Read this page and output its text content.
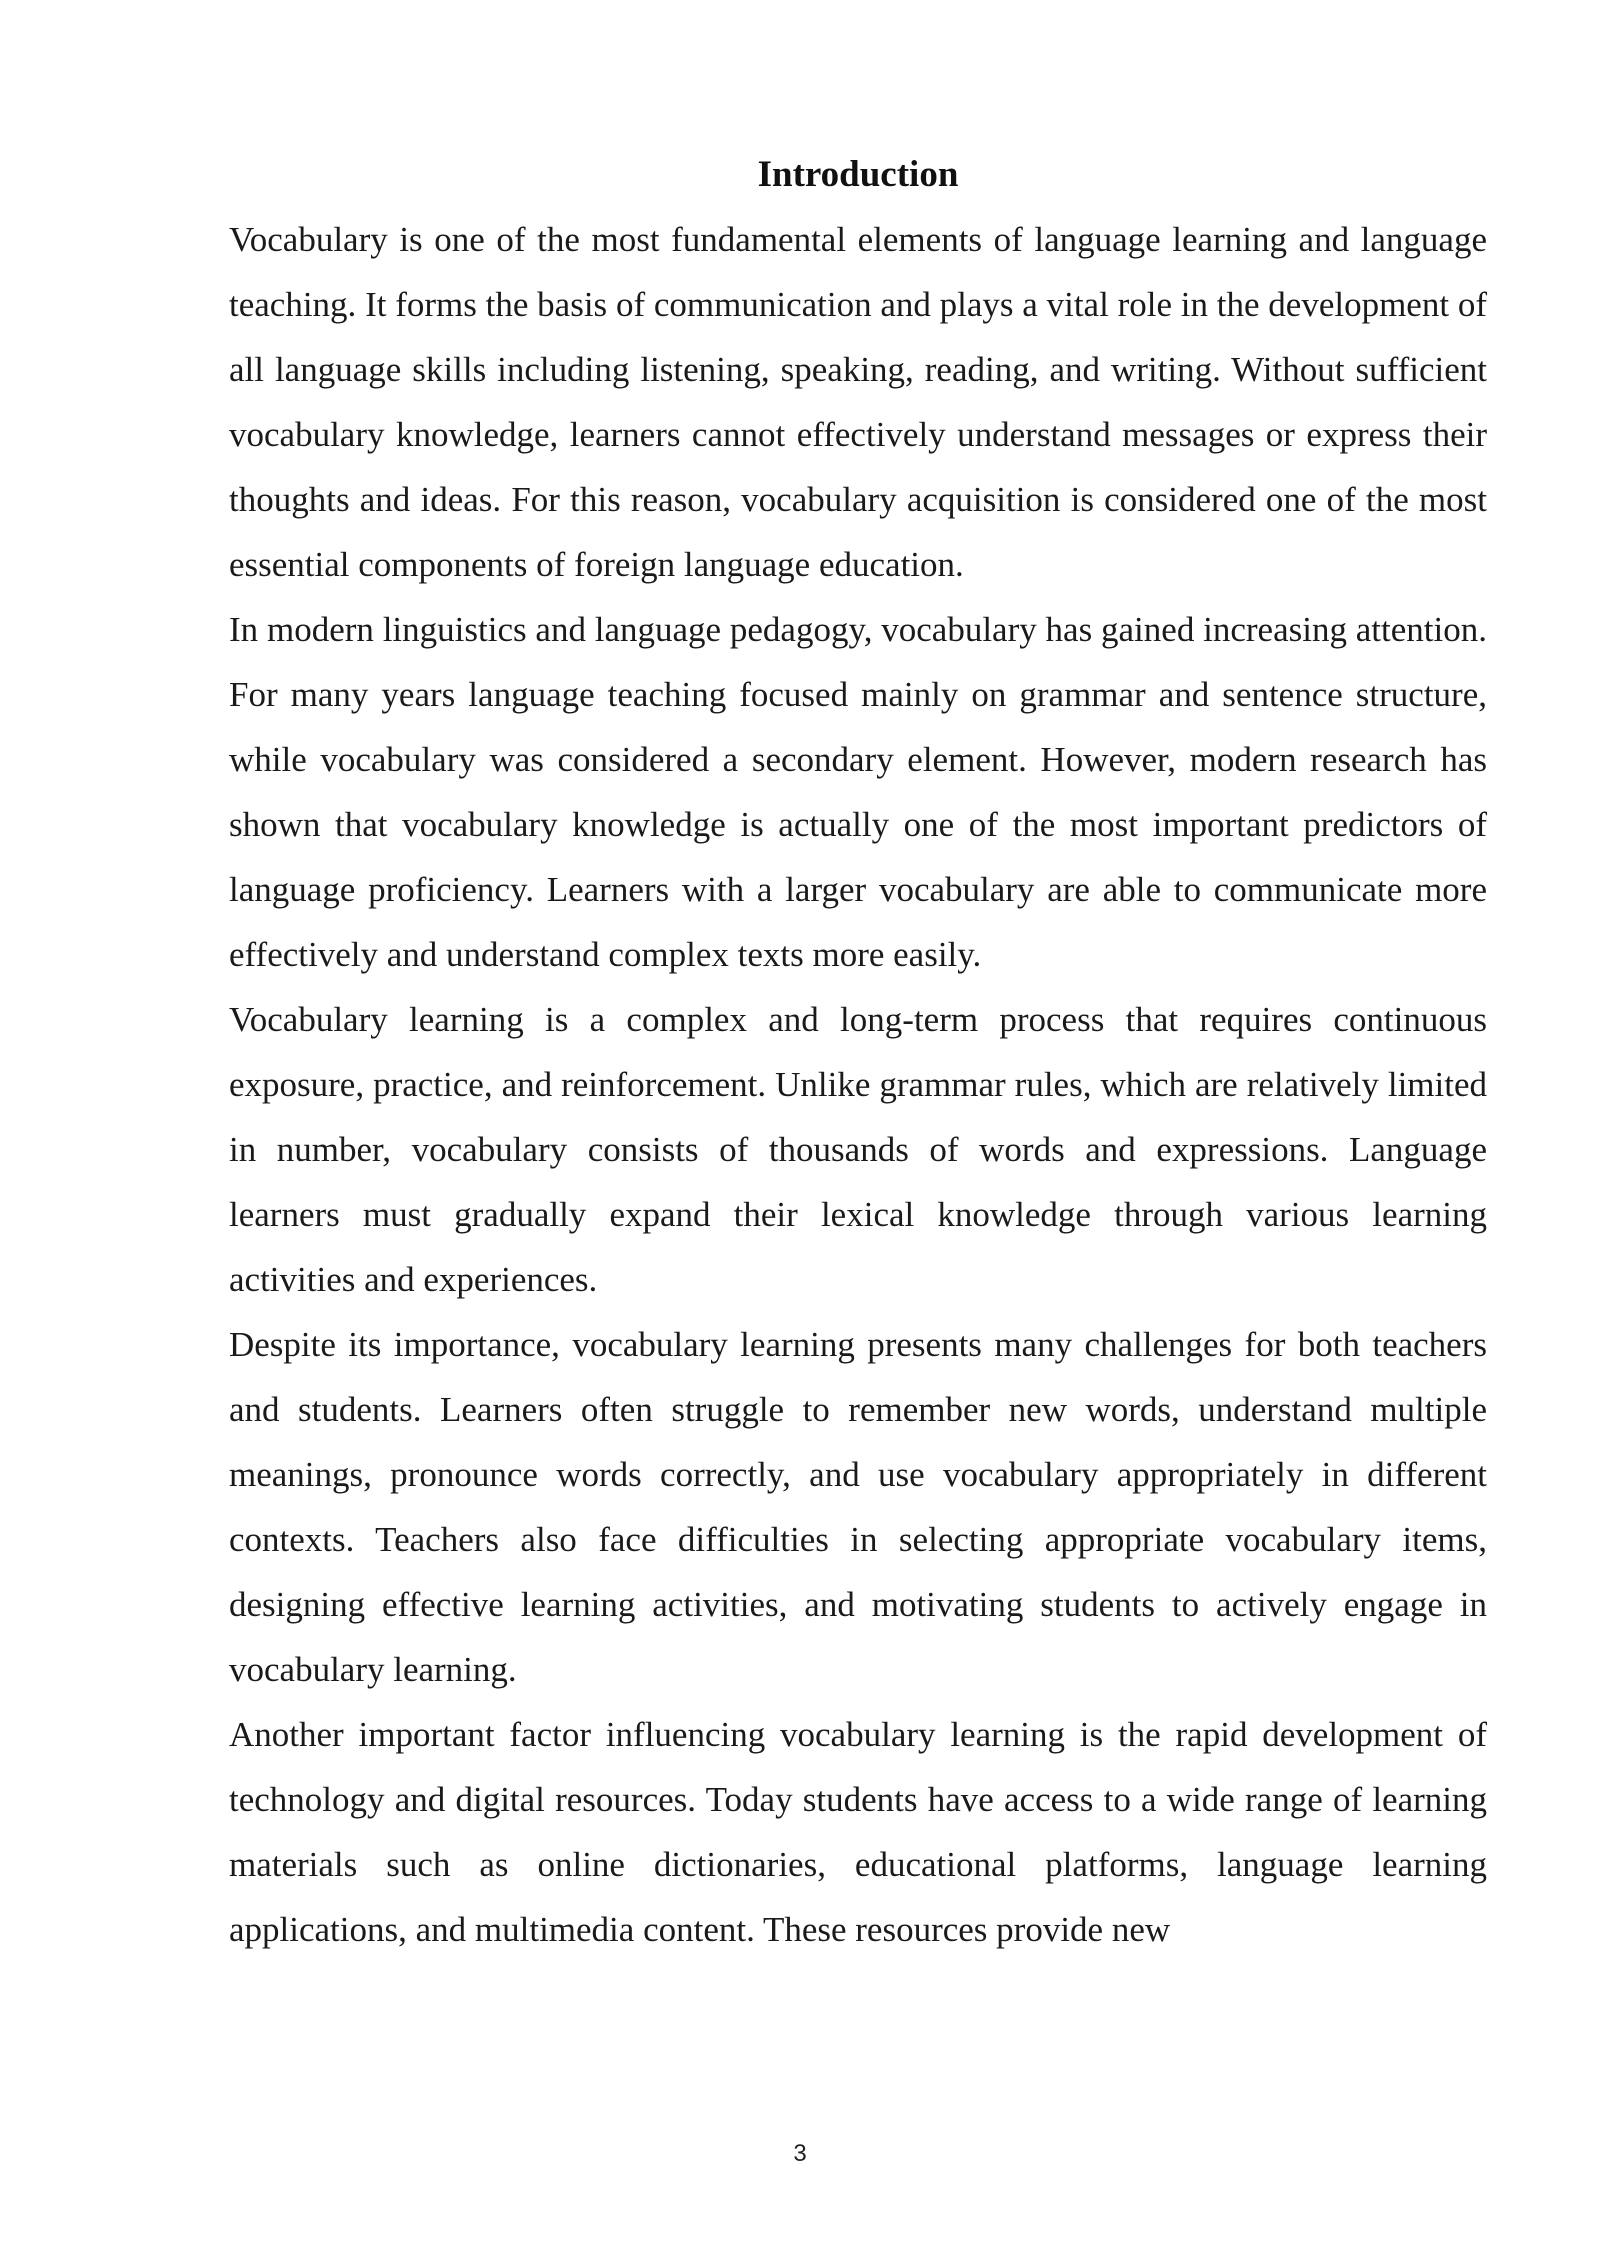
Introduction

Vocabulary is one of the most fundamental elements of language learning and language teaching. It forms the basis of communication and plays a vital role in the development of all language skills including listening, speaking, reading, and writing. Without sufficient vocabulary knowledge, learners cannot effectively understand messages or express their thoughts and ideas. For this reason, vocabulary acquisition is considered one of the most essential components of foreign language education.

In modern linguistics and language pedagogy, vocabulary has gained increasing attention. For many years language teaching focused mainly on grammar and sentence structure, while vocabulary was considered a secondary element. However, modern research has shown that vocabulary knowledge is actually one of the most important predictors of language proficiency. Learners with a larger vocabulary are able to communicate more effectively and understand complex texts more easily.

Vocabulary learning is a complex and long-term process that requires continuous exposure, practice, and reinforcement. Unlike grammar rules, which are relatively limited in number, vocabulary consists of thousands of words and expressions. Language learners must gradually expand their lexical knowledge through various learning activities and experiences.

Despite its importance, vocabulary learning presents many challenges for both teachers and students. Learners often struggle to remember new words, understand multiple meanings, pronounce words correctly, and use vocabulary appropriately in different contexts. Teachers also face difficulties in selecting appropriate vocabulary items, designing effective learning activities, and motivating students to actively engage in vocabulary learning.

Another important factor influencing vocabulary learning is the rapid development of technology and digital resources. Today students have access to a wide range of learning materials such as online dictionaries, educational platforms, language learning applications, and multimedia content. These resources provide new

3
